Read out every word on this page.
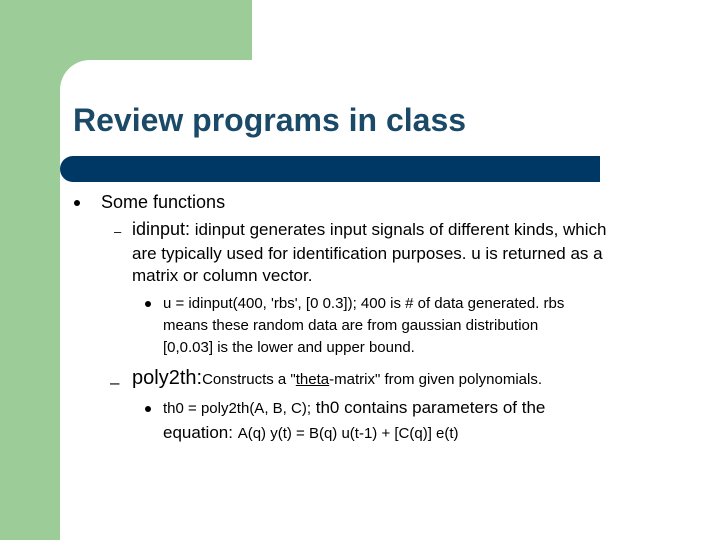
Review programs in class
Some functions
– idinput: idinput generates input signals of different kinds, which
are typically used for identification purposes. u is returned as a
matrix or column vector.
u = idinput(400, 'rbs', [0 0.3]); 400 is # of data generated. rbs
means these random data are from gaussian distribution
[0,0.03] is the lower and upper bound.
– poly2th:Constructs a "theta-matrix" from given polynomials.
th0 = poly2th(A, B, C); th0 contains parameters of the
equation: A(q) y(t) = B(q) u(t-1) + [C(q)] e(t)
